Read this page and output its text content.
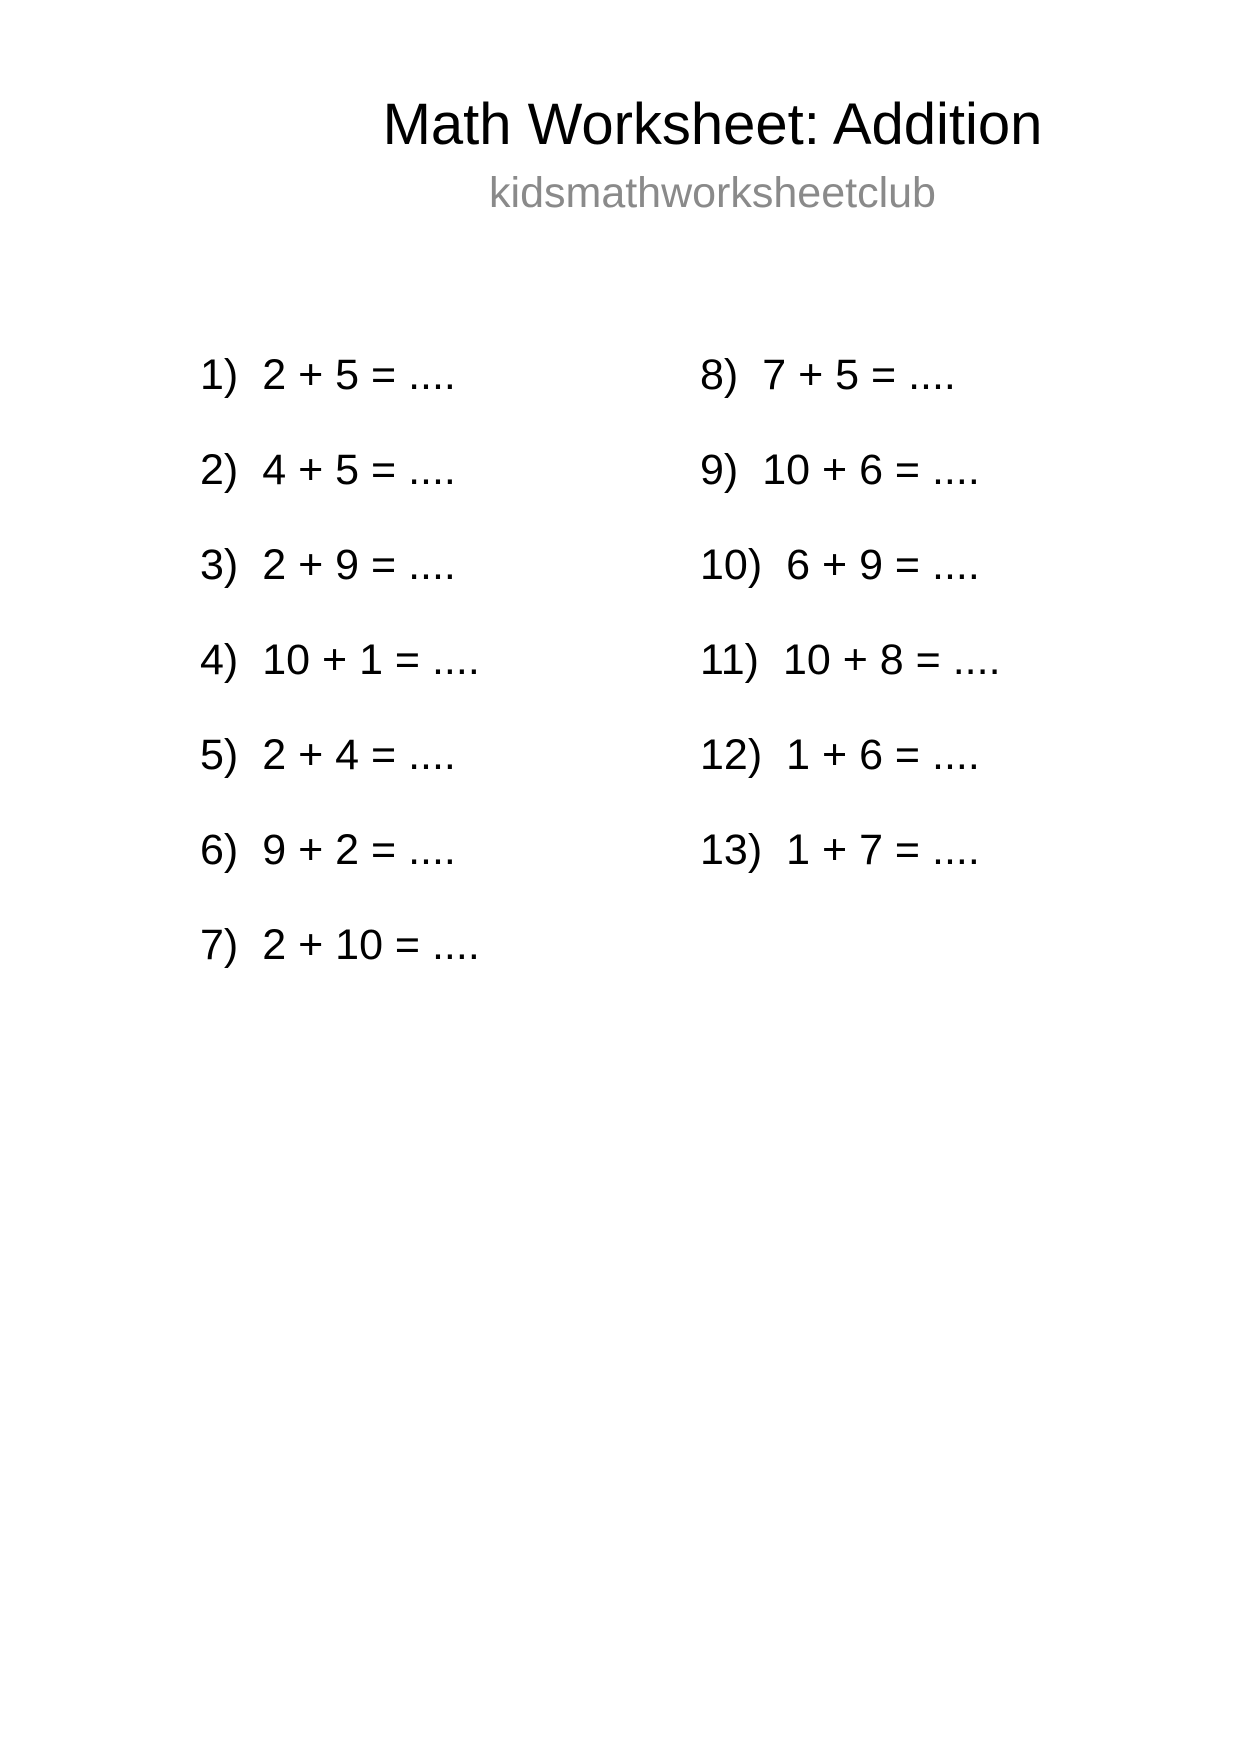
Math Worksheet: Addition
kidsmathworksheetclub
1) 2 + 5 = ....
2) 4 + 5 = ....
3) 2 + 9 = ....
4) 10 + 1 = ....
5) 2 + 4 = ....
6) 9 + 2 = ....
7) 2 + 10 = ....
8) 7 + 5 = ....
9) 10 + 6 = ....
10) 6 + 9 = ....
11) 10 + 8 = ....
12) 1 + 6 = ....
13) 1 + 7 = ....
